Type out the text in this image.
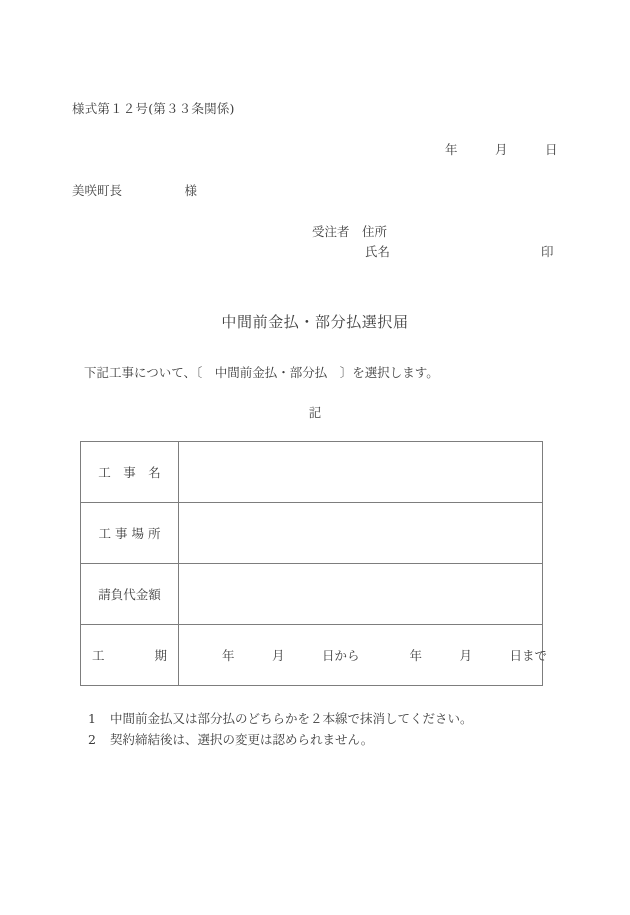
様式第１２号(第３３条関係)
年　　　月　　　日
美咲町長　　　　　様
受注者　住所
氏名	印
中間前金払・部分払選択届
下記工事について、〔　中間前金払・部分払　〕を選択します。
記
工　事　名	
工 事 場 所	
請負代金額	
工　　　　期	年　　　月　　　日から　　　　年　　　月　　　日まで
1	中間前金払又は部分払のどちらかを２本線で抹消してください。
2	契約締結後は、選択の変更は認められません。
